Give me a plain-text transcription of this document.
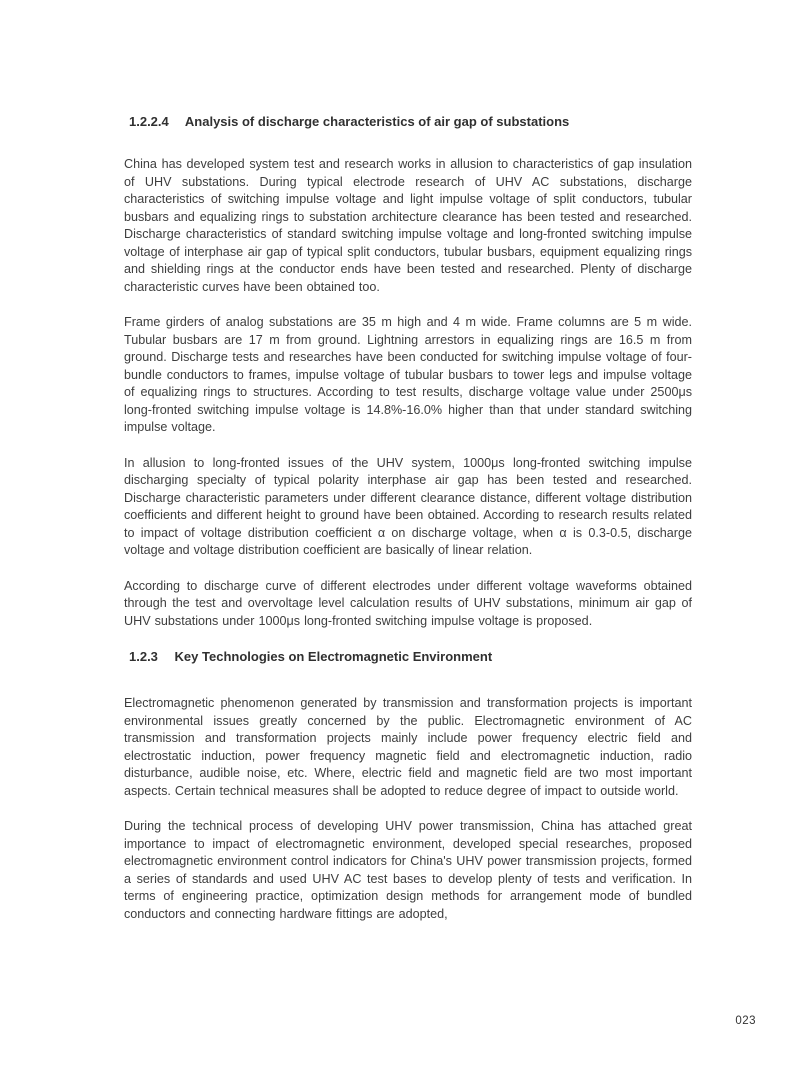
1.2.2.4 Analysis of discharge characteristics of air gap of substations

China has developed system test and research works in allusion to characteristics of gap insulation of UHV substations. During typical electrode research of UHV AC substations, discharge characteristics of switching impulse voltage and light impulse voltage of split conductors, tubular busbars and equalizing rings to substation architecture clearance has been tested and researched. Discharge characteristics of standard switching impulse voltage and long-fronted switching impulse voltage of interphase air gap of typical split conductors, tubular busbars, equipment equalizing rings and shielding rings at the conductor ends have been tested and researched. Plenty of discharge characteristic curves have been obtained too.

Frame girders of analog substations are 35 m high and 4 m wide. Frame columns are 5 m wide. Tubular busbars are 17 m from ground. Lightning arrestors in equalizing rings are 16.5 m from ground. Discharge tests and researches have been conducted for switching impulse voltage of four-bundle conductors to frames, impulse voltage of tubular busbars to tower legs and impulse voltage of equalizing rings to structures. According to test results, discharge voltage value under 2500μs long-fronted switching impulse voltage is 14.8%-16.0% higher than that under standard switching impulse voltage.

In allusion to long-fronted issues of the UHV system, 1000μs long-fronted switching impulse discharging specialty of typical polarity interphase air gap has been tested and researched. Discharge characteristic parameters under different clearance distance, different voltage distribution coefficients and different height to ground have been obtained. According to research results related to impact of voltage distribution coefficient α on discharge voltage, when α is 0.3-0.5, discharge voltage and voltage distribution coefficient are basically of linear relation.

According to discharge curve of different electrodes under different voltage waveforms obtained through the test and overvoltage level calculation results of UHV substations, minimum air gap of UHV substations under 1000μs long-fronted switching impulse voltage is proposed.

1.2.3 Key Technologies on Electromagnetic Environment

Electromagnetic phenomenon generated by transmission and transformation projects is important environmental issues greatly concerned by the public. Electromagnetic environment of AC transmission and transformation projects mainly include power frequency electric field and electrostatic induction, power frequency magnetic field and electromagnetic induction, radio disturbance, audible noise, etc. Where, electric field and magnetic field are two most important aspects. Certain technical measures shall be adopted to reduce degree of impact to outside world.

During the technical process of developing UHV power transmission, China has attached great importance to impact of electromagnetic environment, developed special researches, proposed electromagnetic environment control indicators for China's UHV power transmission projects, formed a series of standards and used UHV AC test bases to develop plenty of tests and verification. In terms of engineering practice, optimization design methods for arrangement mode of bundled conductors and connecting hardware fittings are adopted,

023
